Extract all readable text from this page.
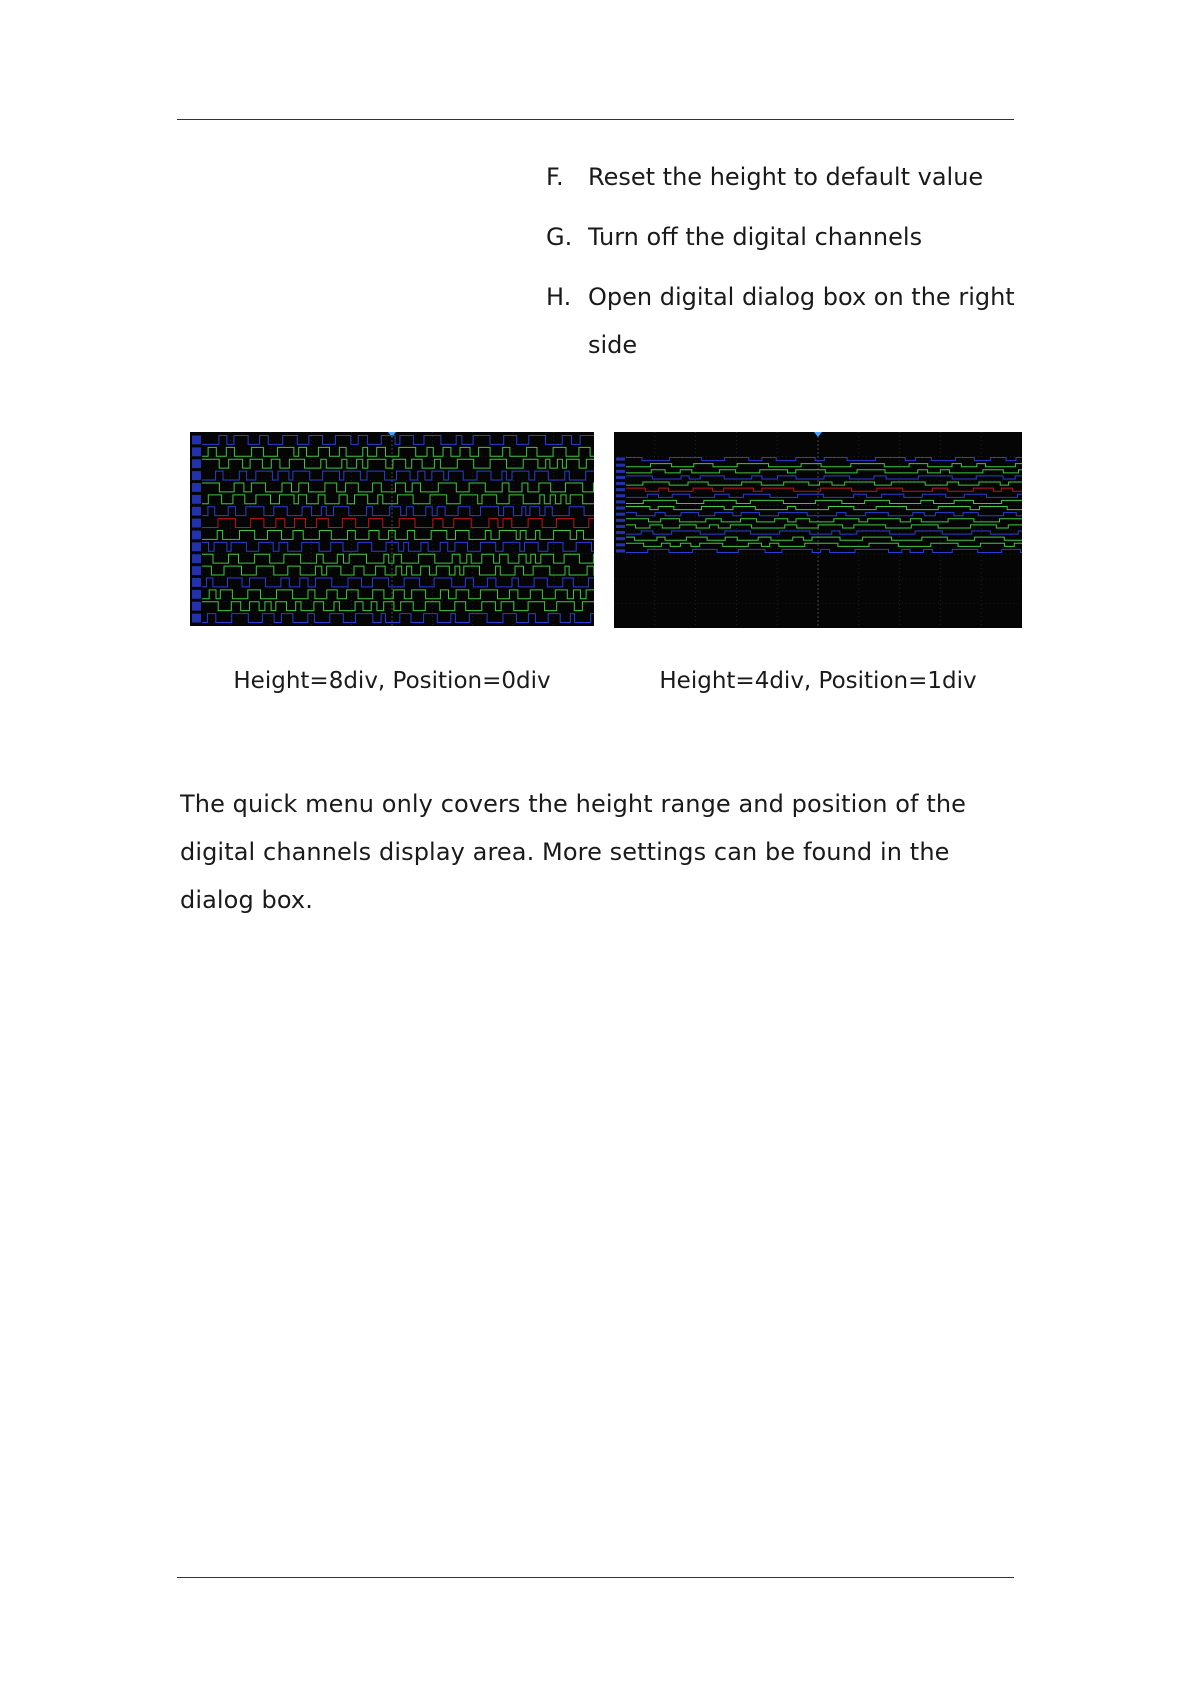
F. Reset the height to default value
G. Turn off the digital channels
H. Open digital dialog box on the right side
Height=8div, Position=0div	Height=4div, Position=1div

The quick menu only covers the height range and position of the digital channels display area. More settings can be found in the dialog box.
